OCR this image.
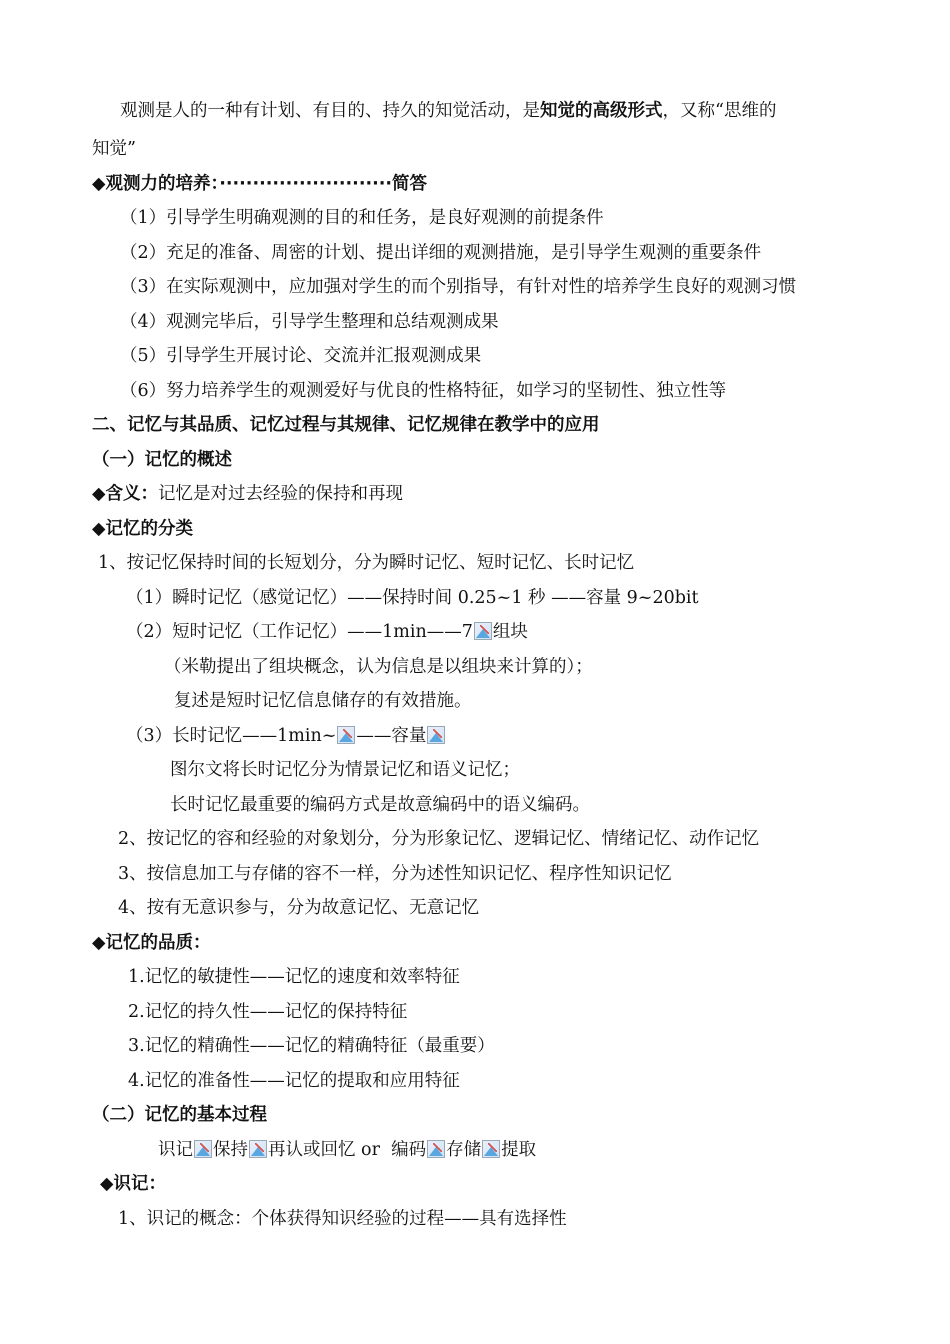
观测是人的一种有计划、有目的、持久的知觉活动，是知觉的高级形式，又称“思维的
知觉”
◆观测力的培养：··························简答
（1）引导学生明确观测的目的和任务，是良好观测的前提条件
（2）充足的准备、周密的计划、提出详细的观测措施，是引导学生观测的重要条件
（3）在实际观测中，应加强对学生的而个别指导，有针对性的培养学生良好的观测习惯
（4）观测完毕后，引导学生整理和总结观测成果
（5）引导学生开展讨论、交流并汇报观测成果
（6）努力培养学生的观测爱好与优良的性格特征，如学习的坚韧性、独立性等
二、记忆与其品质、记忆过程与其规律、记忆规律在教学中的应用
（一）记忆的概述
◆含义：记忆是对过去经验的保持和再现
◆记忆的分类
1、按记忆保持时间的长短划分，分为瞬时记忆、短时记忆、长时记忆
（1）瞬时记忆（感觉记忆）——保持时间 0.25~1 秒 ——容量 9~20bit
（2）短时记忆（工作记忆）——1min——7 组块
（米勒提出了组块概念，认为信息是以组块来计算的）；
复述是短时记忆信息储存的有效措施。
（3）长时记忆——1min~ ——容量
图尔文将长时记忆分为情景记忆和语义记忆；
长时记忆最重要的编码方式是故意编码中的语义编码。
2、按记忆的容和经验的对象划分，分为形象记忆、逻辑记忆、情绪记忆、动作记忆
3、按信息加工与存储的容不一样，分为述性知识记忆、程序性知识记忆
4、按有无意识参与，分为故意记忆、无意记忆
◆记忆的品质：
1.记忆的敏捷性——记忆的速度和效率特征
2.记忆的持久性——记忆的保持特征
3.记忆的精确性——记忆的精确特征（最重要）
4.记忆的准备性——记忆的提取和应用特征
（二）记忆的基本过程
识记 保持 再认或回忆 or  编码 存储 提取
◆识记：
1、识记的概念：个体获得知识经验的过程——具有选择性
